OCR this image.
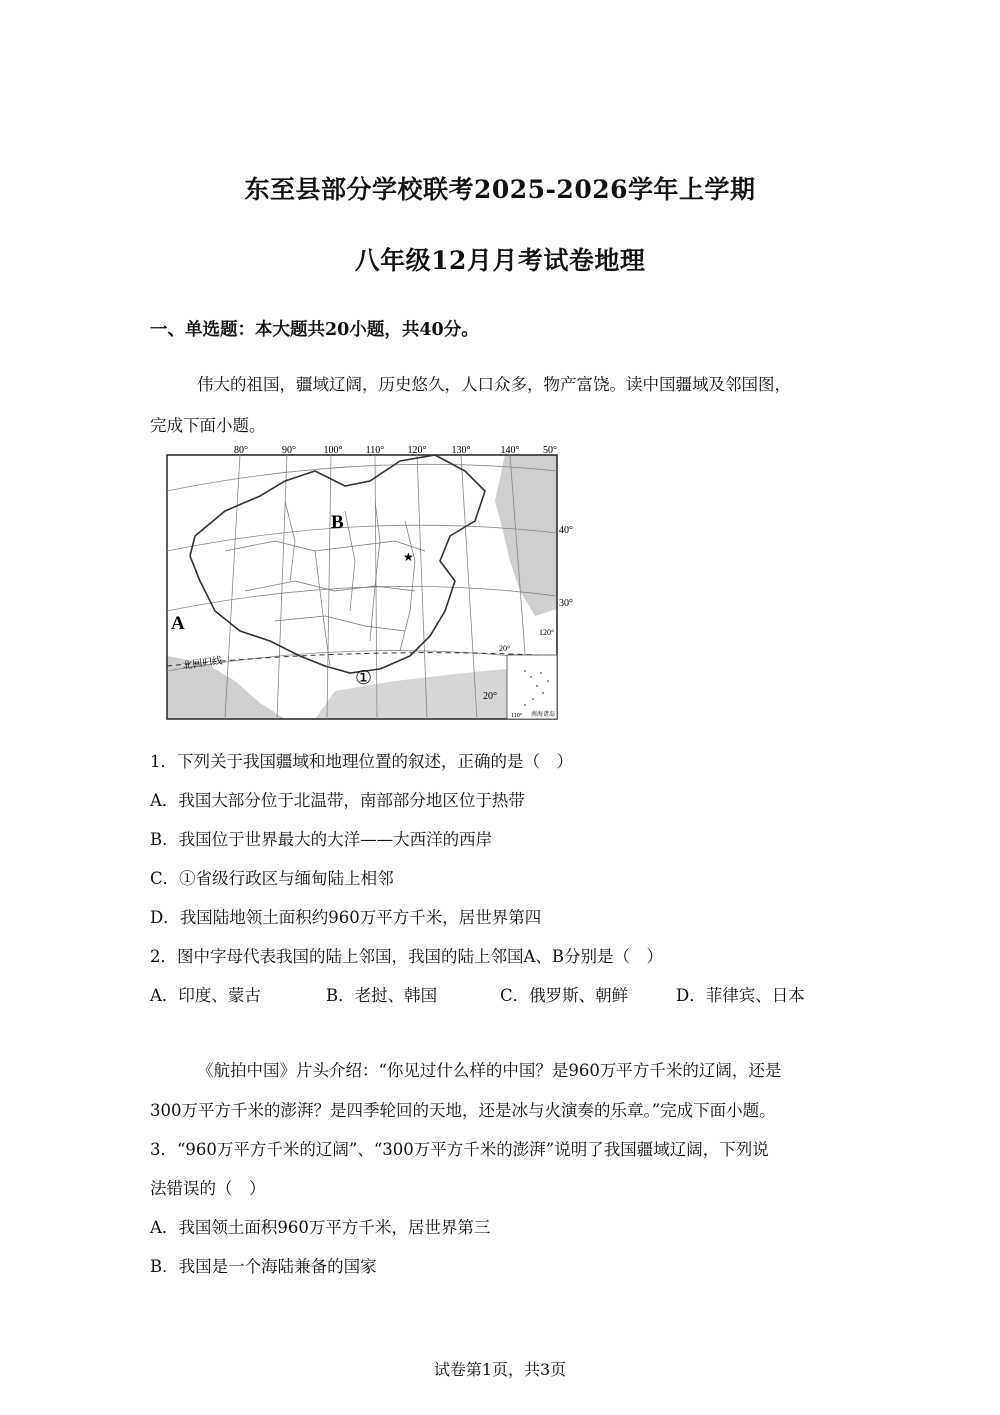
东至县部分学校联考2025-2026学年上学期
八年级12月月考试卷地理
一、单选题：本大题共20小题，共40分。
伟大的祖国，疆域辽阔，历史悠久，人口众多，物产富饶。读中国疆域及邻国图，
完成下面小题。
★
80°	90°	100° 110° 120°	130°	140° 50°
40°
30°
120°
20°
A
B
①
北回归线
20°
110° 南海诸岛
1．下列关于我国疆域和地理位置的叙述，正确的是（　）
A．我国大部分位于北温带，南部部分地区位于热带
B．我国位于世界最大的大洋——大西洋的西岸
C．①省级行政区与缅甸陆上相邻
D．我国陆地领土面积约960万平方千米，居世界第四
2．图中字母代表我国的陆上邻国，我国的陆上邻国A、B分别是（　）
A．印度、蒙古	B．老挝、韩国	C．俄罗斯、朝鲜	D．菲律宾、日本
《航拍中国》片头介绍：“你见过什么样的中国？是960万平方千米的辽阔，还是
300万平方千米的澎湃？是四季轮回的天地，还是冰与火演奏的乐章。”完成下面小题。
3．“960万平方千米的辽阔”、“300万平方千米的澎湃”说明了我国疆域辽阔，下列说
法错误的（　）
A．我国领土面积960万平方千米，居世界第三
B．我国是一个海陆兼备的国家
试卷第1页，共3页
